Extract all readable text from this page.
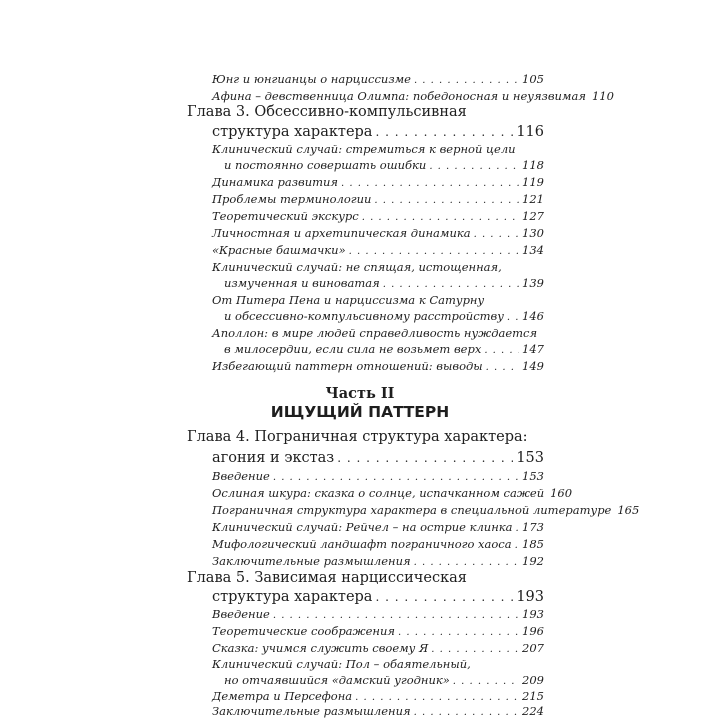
Юнг и юнгианцы о нарциссизме . . .	105
Афина – девственница Олимпа: победоносная и неуязвимая 110
Глава 3. Обсессивно-компульсивная
структура характера . . .	116
Клинический случай: стремиться к верной цели
и постоянно совершать ошибки . . .	118
Динамика развития . . .	119
Проблемы терминологии . . .	121
Теоретический экскурс . . .	127
Личностная и архетипическая динамика . . .	130
«Красные башмачки» . . .	134
Клинический случай: не спящая, истощенная,
измученная и виноватая . . .	139
От Питера Пена и нарциссизма к Сатурну
и обсессивно-компульсивному расстройству . . . 146
Аполлон: в мире людей справедливость нуждается
в милосердии, если сила не возьмет верх . . .	147
Избегающий паттерн отношений: выводы . . .	149
Часть II
ИЩУЩИЙ ПАТТЕРН
Глава 4. Пограничная структура характера:
агония и экстаз . . .	153
Введение . . .	153
Ослиная шкура: сказка о солнце, испачканном сажей 160
Пограничная структура характера в специальной литературе 165
Клинический случай: Рейчел – на острие клинка . . . 173
Мифологический ландшафт пограничного хаоса . . . 185
Заключительные размышления . . .	192
Глава 5. Зависимая нарциссическая
структура характера . . .	193
Введение . . .	193
Теоретические соображения . . .	196
Сказка: учимся служить своему Я . . .	207
Клинический случай: Пол – обаятельный,
но отчаявшийся «дамский угодник» . . .	209
Деметра и Персефона . . .	215
Заключительные размышления . . .	224
